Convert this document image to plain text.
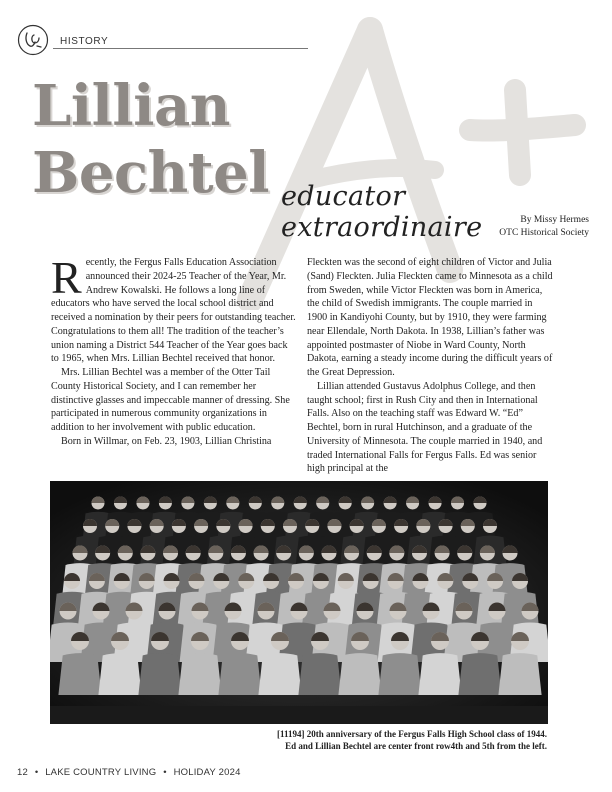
HISTORY
Lillian
Bechtel educator extraordinaire	By Missy Hermes
OTC Historical Society

Recently, the Fergus Falls Education Association announced their 2024-25 Teacher of the Year, Mr. Andrew Kowalski. He follows a long line of educators who have served the local school district and received a nomination by their peers for outstanding teacher. Congratulations to them all! The tradition of the teacher’s union naming a District 544 Teacher of the Year goes back to 1965, when Mrs. Lillian Bechtel received that honor.

Mrs. Lillian Bechtel was a member of the Otter Tail County Historical Society, and I can remember her distinctive glasses and impeccable manner of dressing. She participated in numerous community organizations in addition to her involvement with public education.

Born in Willmar, on Feb. 23, 1903, Lillian Christina

Fleckten was the second of eight children of Victor and Julia (Sand) Fleckten. Julia Fleckten came to Minnesota as a child from Sweden, while Victor Fleckten was born in America, the child of Swedish immigrants. The couple married in 1900 in Kandiyohi County, but by 1910, they were farming near Ellendale, North Dakota. In 1938, Lillian’s father was appointed postmaster of Niobe in Ward County, North Dakota, earning a steady income during the difficult years of the Great Depression.

Lillian attended Gustavus Adolphus College, and then taught school; first in Rush City and then in International Falls. Also on the teaching staff was Edward W. “Ed” Bechtel, born in rural Hutchinson, and a graduate of the University of Minnesota. The couple married in 1940, and traded International Falls for Fergus Falls. Ed was senior high principal at the

[11194] 20th anniversary of the Fergus Falls High School class of 1944.
Ed and Lillian Bechtel are center front row4th and 5th from the left.
12 • LAKE COUNTRY LIVING • HOLIDAY 2024
